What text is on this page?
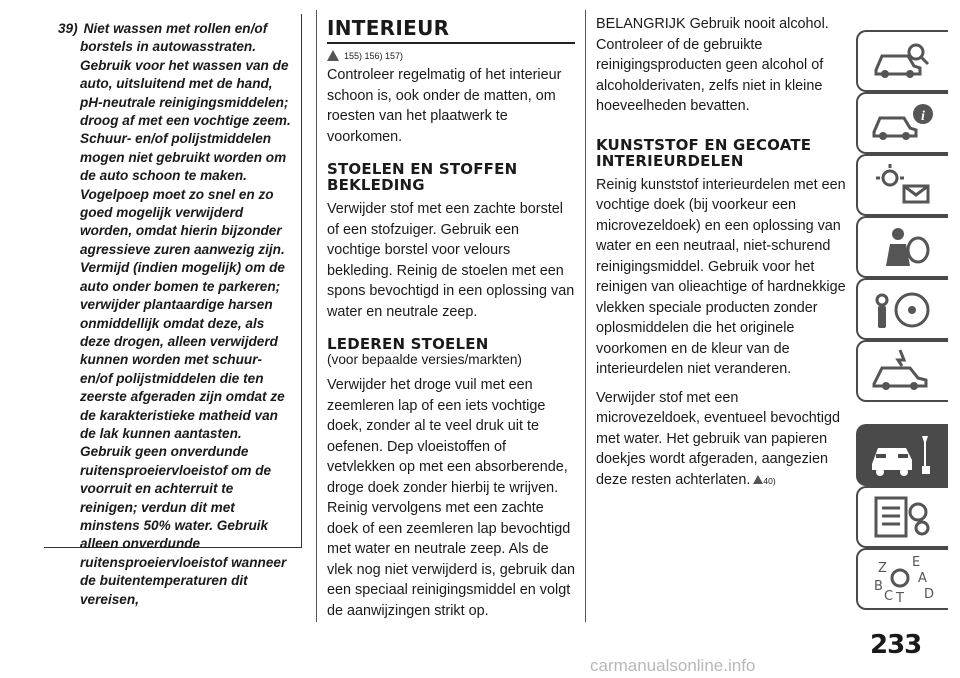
39) Niet wassen met rollen en/of borstels in autowasstraten. Gebruik voor het wassen van de auto, uitsluitend met de hand, pH-neutrale reinigingsmiddelen; droog af met een vochtige zeem. Schuur- en/of polijstmiddelen mogen niet gebruikt worden om de auto schoon te maken. Vogelpoep moet zo snel en zo goed mogelijk verwijderd worden, omdat hierin bijzonder agressieve zuren aanwezig zijn. Vermijd (indien mogelijk) om de auto onder bomen te parkeren; verwijder plantaardige harsen onmiddellijk omdat deze, als deze drogen, alleen verwijderd kunnen worden met schuur- en/of polijstmiddelen die ten zeerste afgeraden zijn omdat ze de karakteristieke matheid van de lak kunnen aantasten. Gebruik geen onverdunde ruitensproeiervloeistof om de voorruit en achterruit te reinigen; verdun dit met minstens 50% water. Gebruik alleen onverdunde ruitensproeiervloeistof wanneer de buitentemperaturen dit vereisen,

INTERIEUR
155) 156) 157)

Controleer regelmatig of het interieur schoon is, ook onder de matten, om roesten van het plaatwerk te voorkomen.

STOELEN EN STOFFEN BEKLEDING

Verwijder stof met een zachte borstel of een stofzuiger. Gebruik een vochtige borstel voor velours bekleding. Reinig de stoelen met een spons bevochtigd in een oplossing van water en neutrale zeep.

LEDEREN STOELEN
(voor bepaalde versies/markten)

Verwijder het droge vuil met een zeemleren lap of een iets vochtige doek, zonder al te veel druk uit te oefenen. Dep vloeistoffen of vetvlekken op met een absorberende, droge doek zonder hierbij te wrijven. Reinig vervolgens met een zachte doek of een zeemleren lap bevochtigd met water en neutrale zeep. Als de vlek nog niet verwijderd is, gebruik dan een speciaal reinigingsmiddel en volgt de aanwijzingen strikt op.

BELANGRIJK Gebruik nooit alcohol. Controleer of de gebruikte reinigingsproducten geen alcohol of alcoholderivaten, zelfs niet in kleine hoeveelheden bevatten.

KUNSTSTOF EN GECOATE INTERIEURDELEN

Reinig kunststof interieurdelen met een vochtige doek (bij voorkeur een microvezeldoek) en een oplossing van water en een neutraal, niet-schurend reinigingsmiddel. Gebruik voor het reinigen van olieachtige of hardnekkige vlekken speciale producten zonder oplosmiddelen die het originele voorkomen en de kleur van de interieurdelen niet veranderen.

Verwijder stof met een microvezeldoek, eventueel bevochtigd met water. Het gebruik van papieren doekjes wordt afgeraden, aangezien deze resten achterlaten. 40)

i
Z E
A
B
C T D
233
carmanualsonline.info
